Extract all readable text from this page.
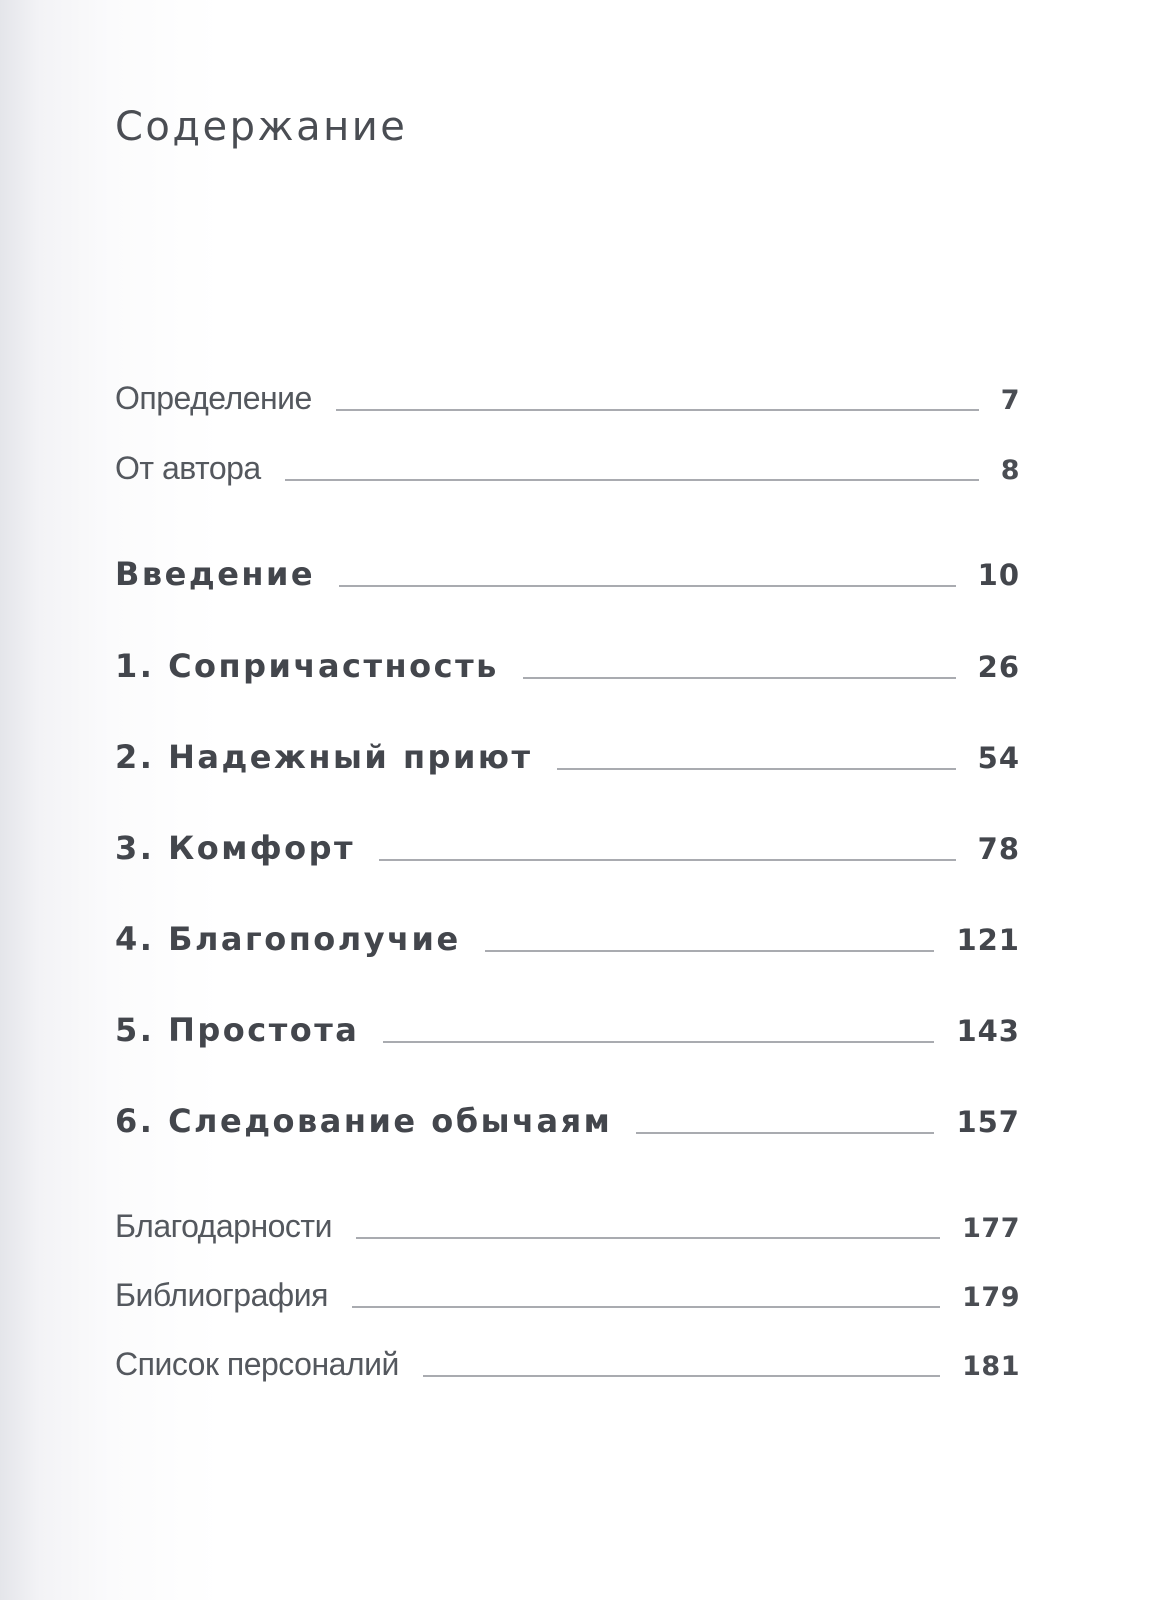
Содержание
Определение	7
От автора	8
Введение	10
1. Сопричастность	26
2. Надежный приют	54
3. Комфорт	78
4. Благополучие	121
5. Простота	143
6. Следование обычаям	157
Благодарности	177
Библиография	179
Список персоналий	181
